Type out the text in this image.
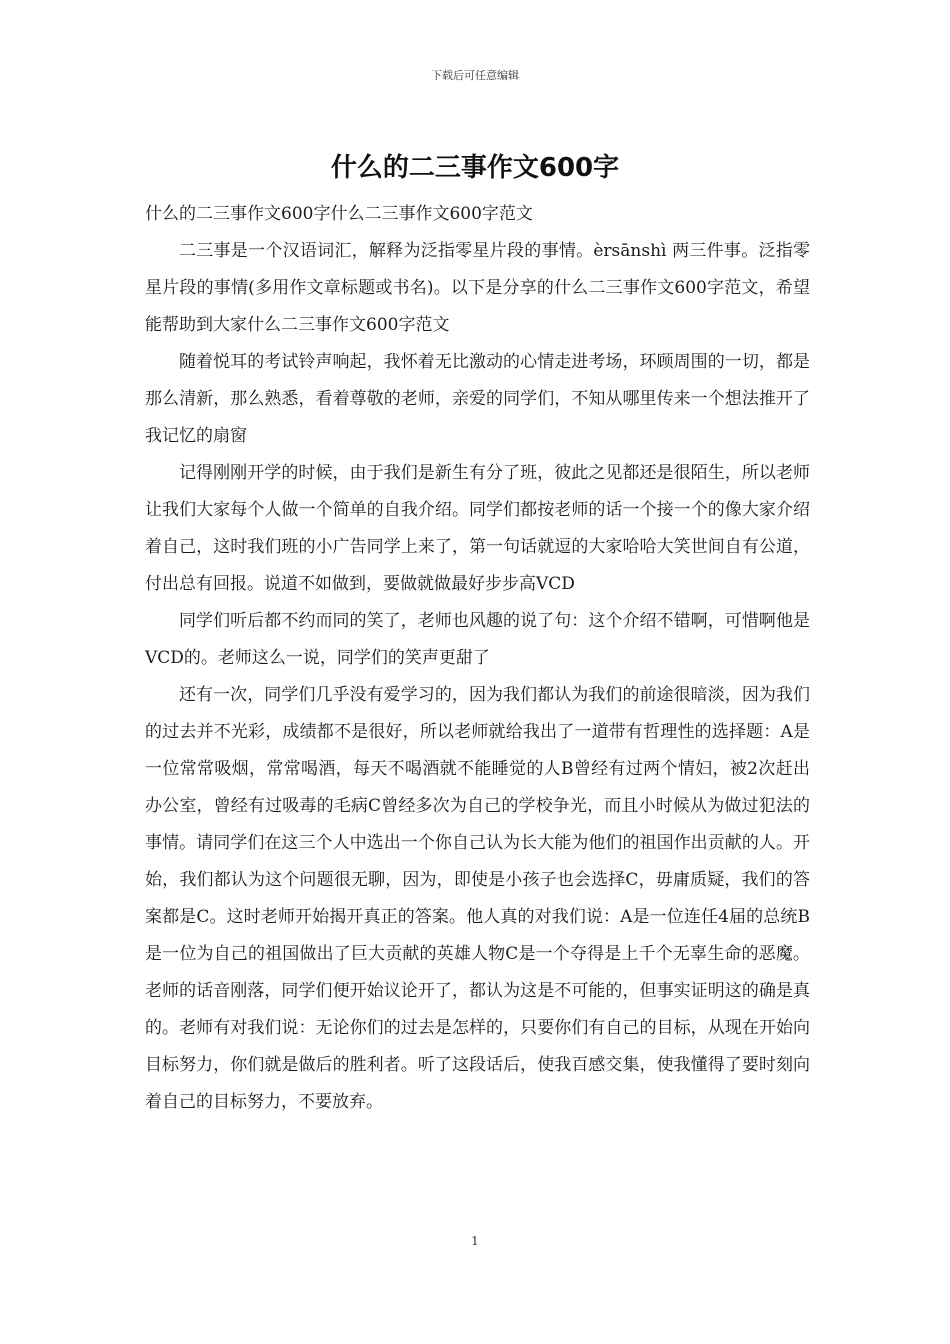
下载后可任意编辑
什么的二三事作文600字

什么的二三事作文600字什么二三事作文600字范文

二三事是一个汉语词汇，解释为泛指零星片段的事情。èrsānshì 两三件事。泛指零星片段的事情(多用作文章标题或书名)。以下是分享的什么二三事作文600字范文，希望能帮助到大家什么二三事作文600字范文

随着悦耳的考试铃声响起，我怀着无比激动的心情走进考场，环顾周围的一切，都是那么清新，那么熟悉，看着尊敬的老师，亲爱的同学们，不知从哪里传来一个想法推开了我记忆的扇窗

记得刚刚开学的时候，由于我们是新生有分了班，彼此之见都还是很陌生，所以老师让我们大家每个人做一个简单的自我介绍。同学们都按老师的话一个接一个的像大家介绍着自己，这时我们班的小广告同学上来了，第一句话就逗的大家哈哈大笑世间自有公道，付出总有回报。说道不如做到，要做就做最好步步高VCD

同学们听后都不约而同的笑了，老师也风趣的说了句：这个介绍不错啊，可惜啊他是VCD的。老师这么一说，同学们的笑声更甜了

还有一次，同学们几乎没有爱学习的，因为我们都认为我们的前途很暗淡，因为我们的过去并不光彩，成绩都不是很好，所以老师就给我出了一道带有哲理性的选择题：A是一位常常吸烟，常常喝酒，每天不喝酒就不能睡觉的人B曾经有过两个情妇，被2次赶出办公室，曾经有过吸毒的毛病C曾经多次为自己的学校争光，而且小时候从为做过犯法的事情。请同学们在这三个人中选出一个你自己认为长大能为他们的祖国作出贡献的人。开始，我们都认为这个问题很无聊，因为，即使是小孩子也会选择C，毋庸质疑，我们的答案都是C。这时老师开始揭开真正的答案。他人真的对我们说：A是一位连任4届的总统B是一位为自己的祖国做出了巨大贡献的英雄人物C是一个夺得是上千个无辜生命的恶魔。老师的话音刚落，同学们便开始议论开了，都认为这是不可能的，但事实证明这的确是真的。老师有对我们说：无论你们的过去是怎样的，只要你们有自己的目标，从现在开始向目标努力，你们就是做后的胜利者。听了这段话后，使我百感交集，使我懂得了要时刻向着自己的目标努力，不要放弃。

1
